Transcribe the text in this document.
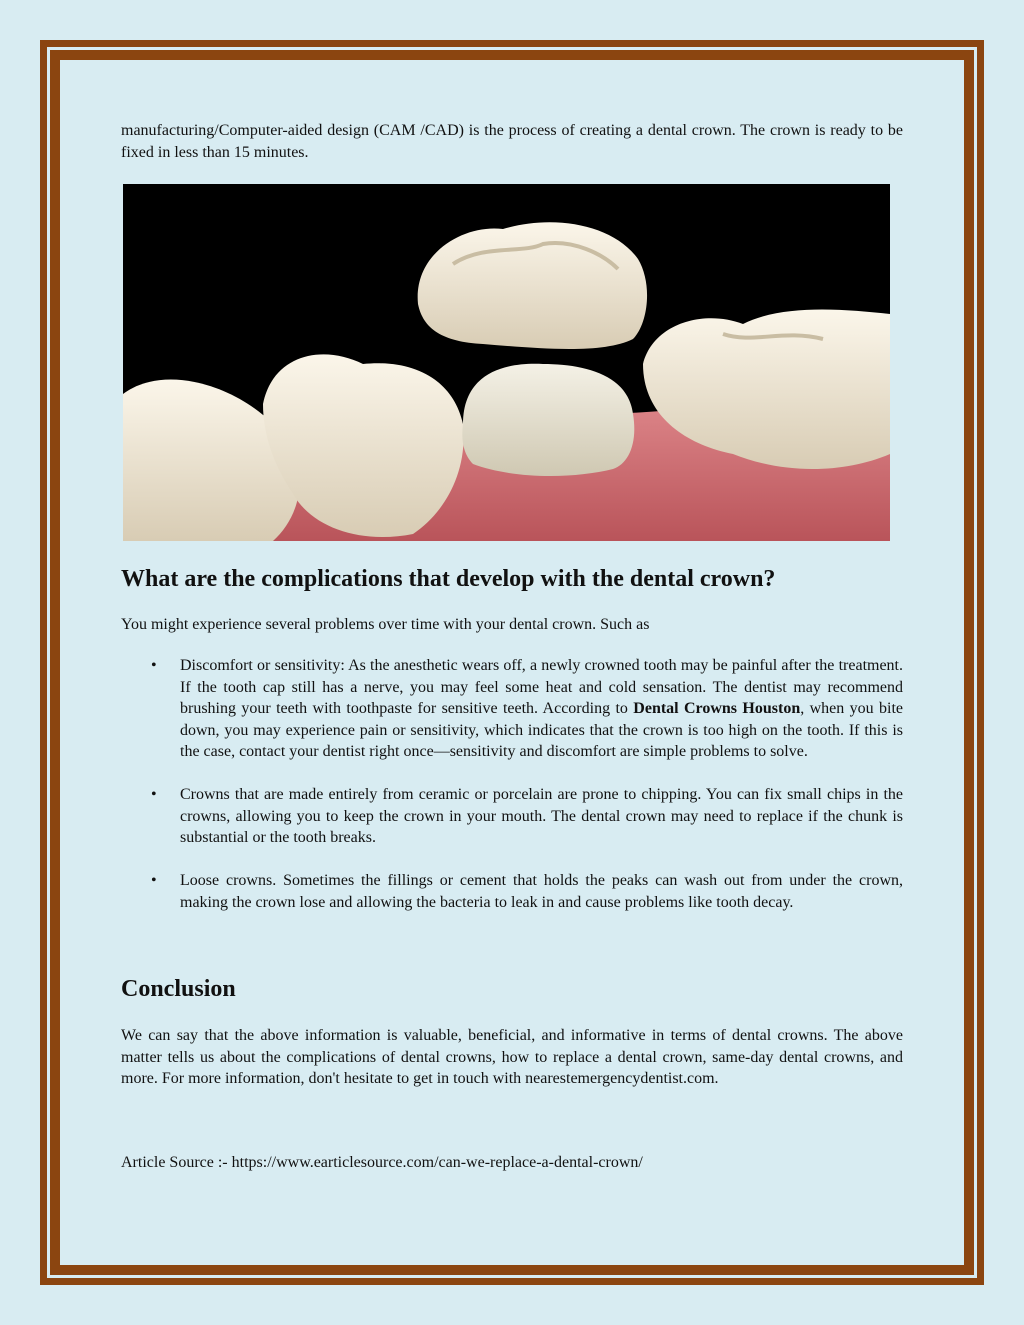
manufacturing/Computer-aided design (CAM /CAD) is the process of creating a dental crown. The crown is ready to be fixed in less than 15 minutes.

What are the complications that develop with the dental crown?

You might experience several problems over time with your dental crown. Such as

• Discomfort or sensitivity: As the anesthetic wears off, a newly crowned tooth may be painful after the treatment. If the tooth cap still has a nerve, you may feel some heat and cold sensation. The dentist may recommend brushing your teeth with toothpaste for sensitive teeth. According to Dental Crowns Houston, when you bite down, you may experience pain or sensitivity, which indicates that the crown is too high on the tooth. If this is the case, contact your dentist right once—sensitivity and discomfort are simple problems to solve.

• Crowns that are made entirely from ceramic or porcelain are prone to chipping. You can fix small chips in the crowns, allowing you to keep the crown in your mouth. The dental crown may need to replace if the chunk is substantial or the tooth breaks.

• Loose crowns. Sometimes the fillings or cement that holds the peaks can wash out from under the crown, making the crown lose and allowing the bacteria to leak in and cause problems like tooth decay.

Conclusion

We can say that the above information is valuable, beneficial, and informative in terms of dental crowns. The above matter tells us about the complications of dental crowns, how to replace a dental crown, same-day dental crowns, and more. For more information, don't hesitate to get in touch with nearestemergencydentist.com.

Article Source :- https://www.earticlesource.com/can-we-replace-a-dental-crown/
